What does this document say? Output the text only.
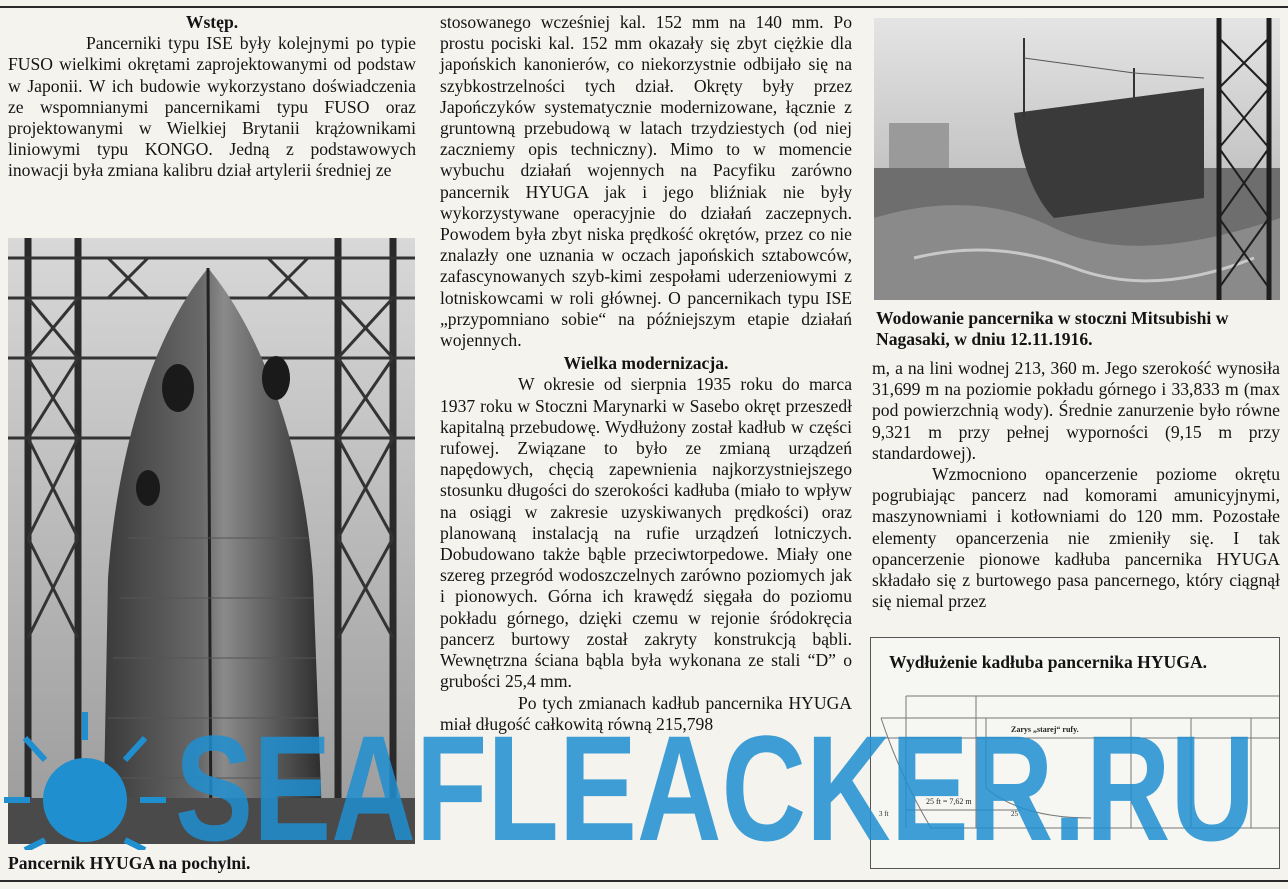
Wstęp.

Pancerniki typu ISE były kolejnymi po typie FUSO wielkimi okrętami zaprojektowanymi od podstaw w Japonii. W ich budowie wykorzystano doświadczenia ze wspomnianymi pancernikami typu FUSO oraz projektowanymi w Wielkiej Brytanii krążownikami liniowymi typu KONGO. Jedną z podstawowych inowacji była zmiana kalibru dział artylerii średniej ze

Pancernik HYUGA na pochylni.

stosowanego wcześniej kal. 152 mm na 140 mm. Po prostu pociski kal. 152 mm okazały się zbyt ciężkie dla japońskich kanonierów, co niekorzystnie odbijało się na szybkostrzelności tych dział. Okręty były przez Japończyków systematycznie modernizowane, łącznie z gruntowną przebudową w latach trzydziestych (od niej zaczniemy opis techniczny). Mimo to w momencie wybuchu działań wojennych na Pacyfiku zarówno pancernik HYUGA jak i jego bliźniak nie były wykorzystywane operacyjnie do działań zaczepnych. Powodem była zbyt niska prędkość okrętów, przez co nie znalazły one uznania w oczach japońskich sztabowców, zafascynowanych szyb-kimi zespołami uderzeniowymi z lotniskowcami w roli głównej. O pancernikach typu ISE „przypomniano sobie“ na późniejszym etapie działań wojennych.

Wielka modernizacja.

W okresie od sierpnia 1935 roku do marca 1937 roku w Stoczni Marynarki w Sasebo okręt przeszedł kapitalną przebudowę. Wydłużony został kadłub w części rufowej. Związane to było ze zmianą urządzeń napędowych, chęcią zapewnienia najkorzystniejszego stosunku długości do szerokości kadłuba (miało to wpływ na osiągi w zakresie uzyskiwanych prędkości) oraz planowaną instalacją na rufie urządzeń lotniczych. Dobudowano także bąble przeciwtorpedowe. Miały one szereg przegród wodoszczelnych zarówno poziomych jak i pionowych. Górna ich krawędź sięgała do poziomu pokładu górnego, dzięki czemu w rejonie śródokręcia pancerz burtowy został zakryty konstrukcją bąbli. Wewnętrzna ściana bąbla była wykonana ze stali “D” o grubości 25,4 mm.

Po tych zmianach kadłub pancernika HYUGA miał długość całkowitą równą 215,798

Wodowanie pancernika w stoczni Mitsubishi w Nagasaki, w dniu 12.11.1916.

m, a na lini wodnej 213, 360 m. Jego szerokość wynosiła 31,699 m na poziomie pokładu górnego i 33,833 m (max pod powierzchnią wody). Średnie zanurzenie było równe 9,321 m przy pełnej wyporności (9,15 m przy standardowej).

Wzmocniono opancerzenie poziome okrętu pogrubiając pancerz nad komorami amunicyjnymi, maszynowniami i kotłowniami do 120 mm. Pozostałe elementy opancerzenia nie zmieniły się. I tak opancerzenie pionowe kadłuba pancernika HYUGA składało się z burtowego pasa pancernego, który ciągnął się niemal przez

Wydłużenie kadłuba pancernika HYUGA.
Zarys „starej“ rufy.
25 ft = 7,62 m
3 ft	25
SEAFLEACKER.RU
